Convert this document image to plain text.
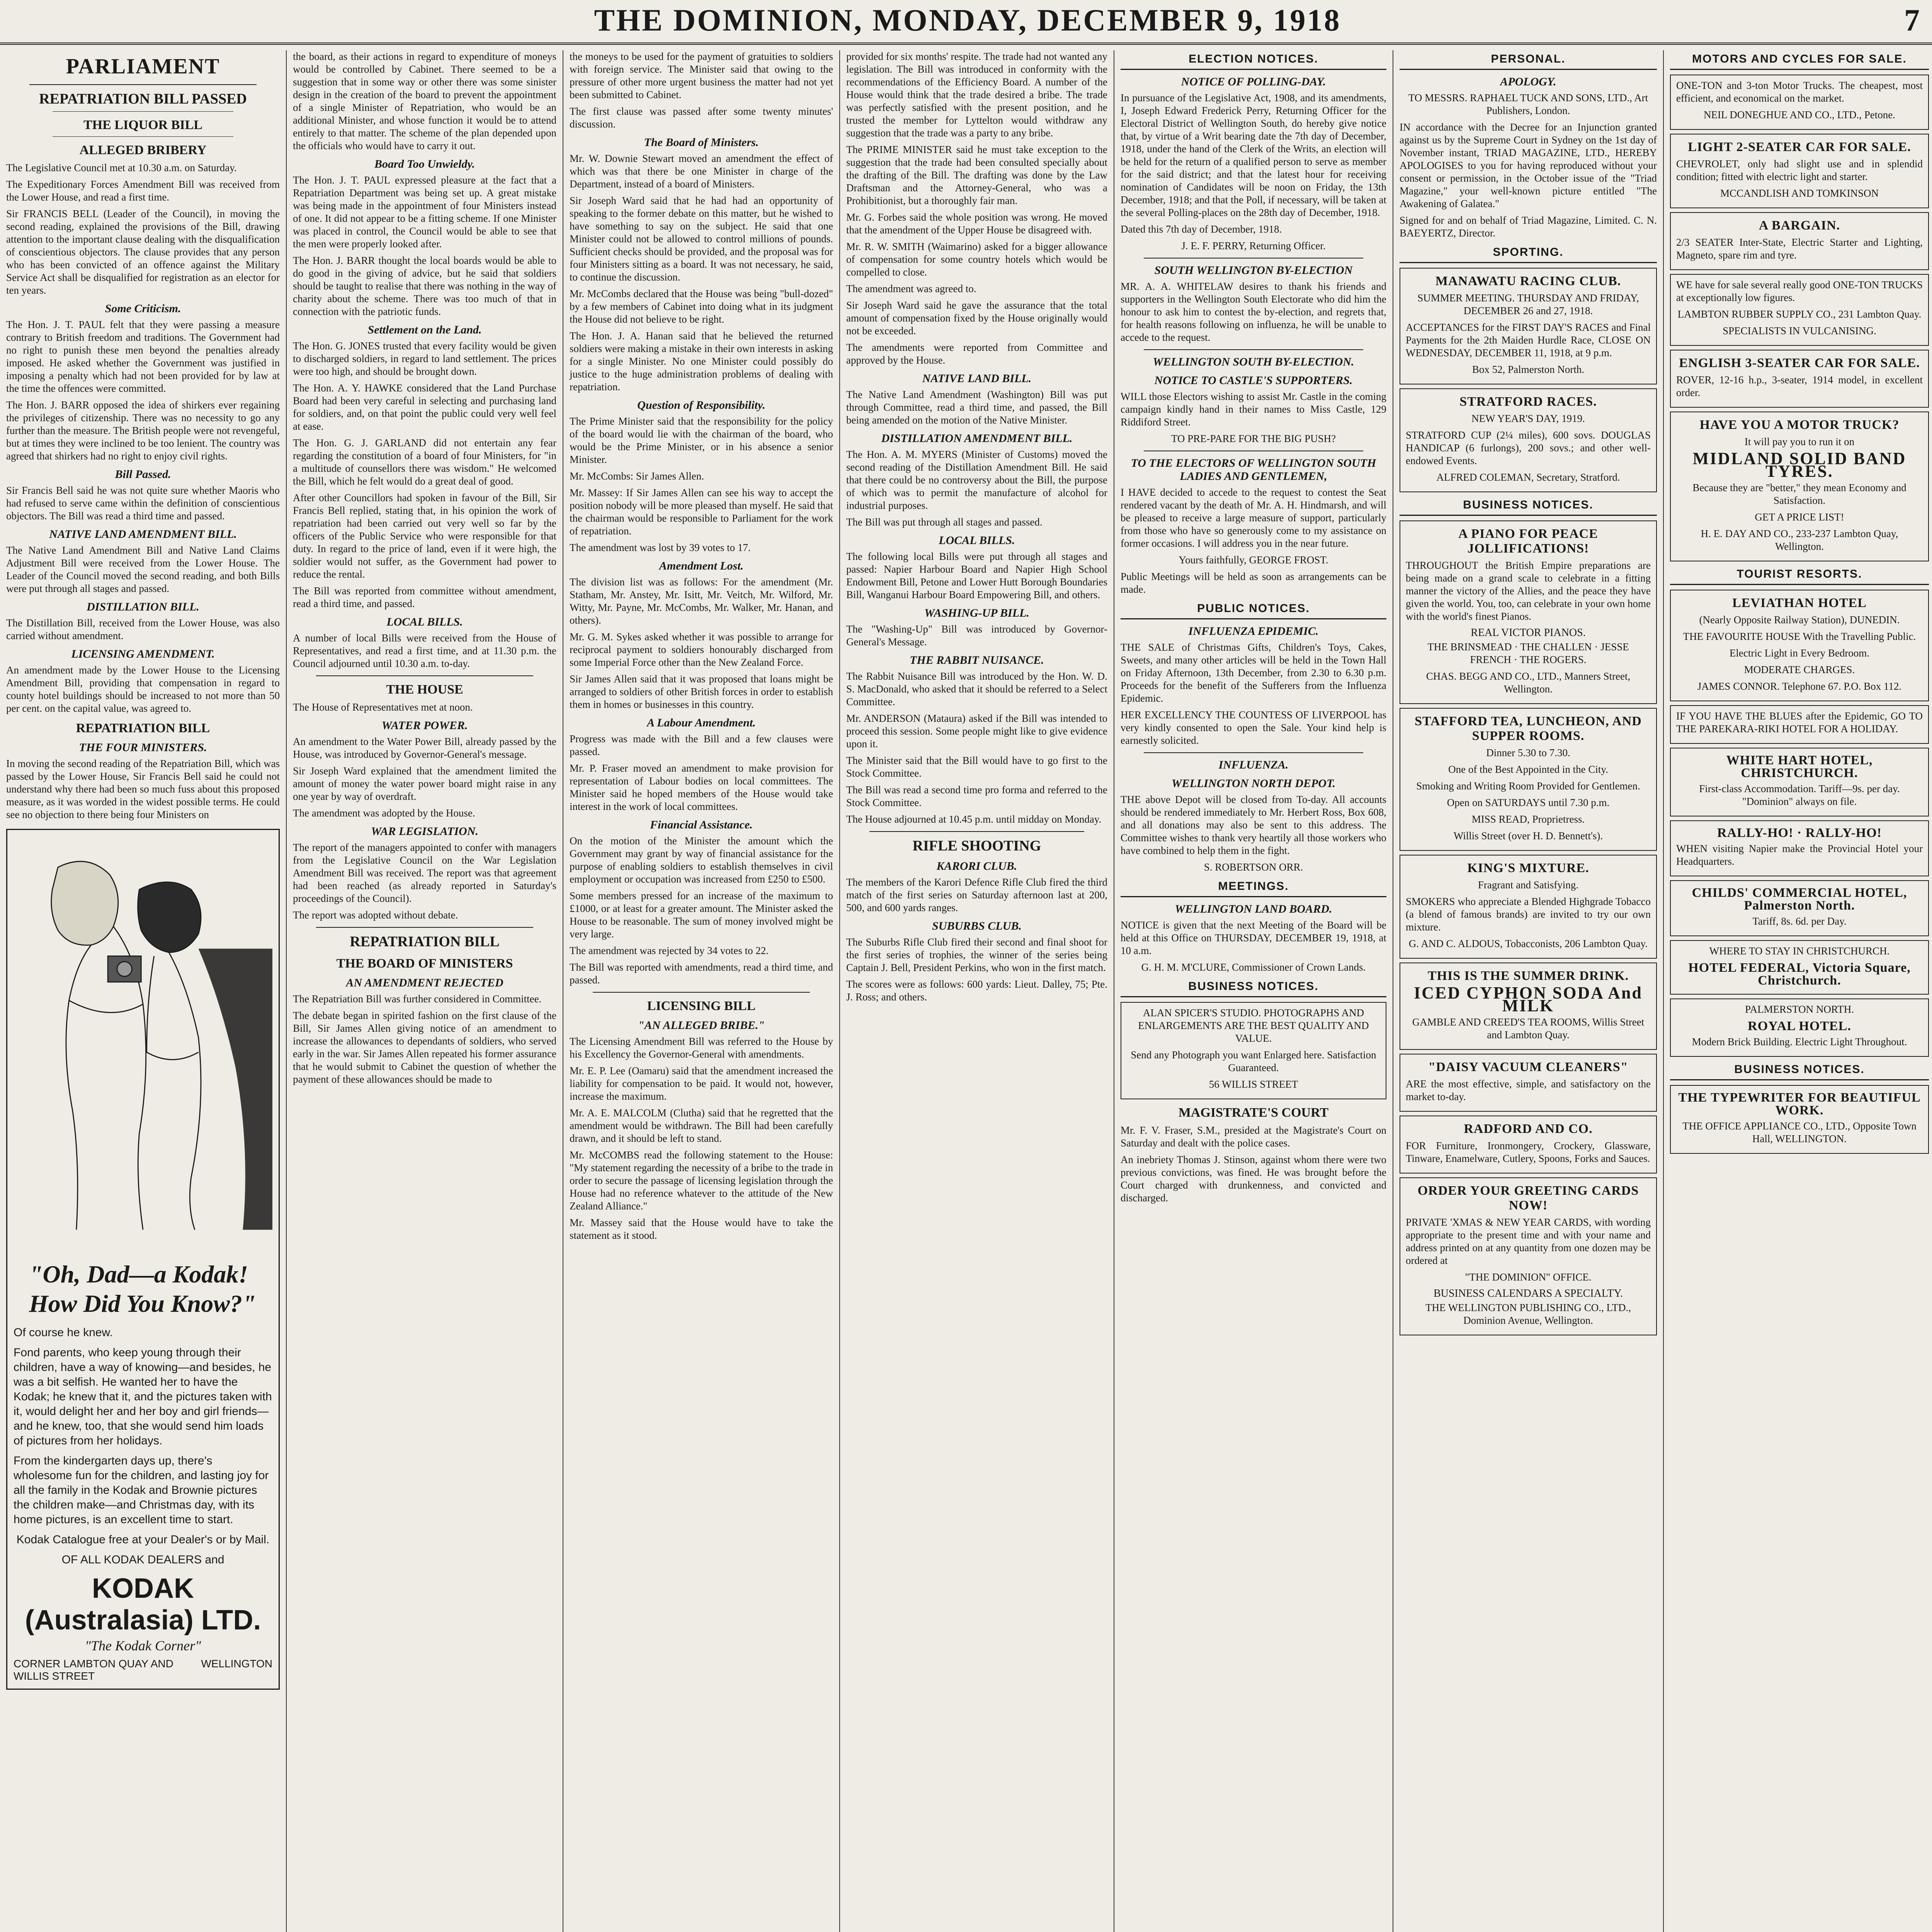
THE DOMINION, MONDAY, DECEMBER 9, 1918	7
PARLIAMENT
REPATRIATION BILL PASSED
THE LIQUOR BILL
ALLEGED BRIBERY

The Legislative Council met at 10.30 a.m. on Saturday.

The Expeditionary Forces Amendment Bill was received from the Lower House, and read a first time.

Sir FRANCIS BELL (Leader of the Council), in moving the second reading, explained the provisions of the Bill, drawing attention to the important clause dealing with the disqualification of conscientious objectors. The clause provides that any person who has been convicted of an offence against the Military Service Act shall be disqualified for registration as an elector for ten years.

Some Criticism.

The Hon. J. T. PAUL felt that they were passing a measure contrary to British freedom and traditions. The Government had no right to punish these men beyond the penalties already imposed. He asked whether the Government was justified in imposing a penalty which had not been provided for by law at the time the offences were committed.

The Hon. J. BARR opposed the idea of shirkers ever regaining the privileges of citizenship. There was no necessity to go any further than the measure. The British people were not revengeful, but at times they were inclined to be too lenient. The country was agreed that shirkers had no right to enjoy civil rights.

Bill Passed.

Sir Francis Bell said he was not quite sure whether Maoris who had refused to serve came within the definition of conscientious objectors. The Bill was read a third time and passed.

NATIVE LAND AMENDMENT BILL.

The Native Land Amendment Bill and Native Land Claims Adjustment Bill were received from the Lower House. The Leader of the Council moved the second reading, and both Bills were put through all stages and passed.

DISTILLATION BILL.

The Distillation Bill, received from the Lower House, was also carried without amendment.

LICENSING AMENDMENT.

An amendment made by the Lower House to the Licensing Amendment Bill, providing that compensation in regard to county hotel buildings should be increased to not more than 50 per cent. on the capital value, was agreed to.

REPATRIATION BILL
THE FOUR MINISTERS.

In moving the second reading of the Repatriation Bill, which was passed by the Lower House, Sir Francis Bell said he could not understand why there had been so much fuss about this proposed measure, as it was worded in the widest possible terms. He could see no objection to there being four Ministers on

"Oh, Dad—a Kodak! How Did You Know?"
Of course he knew.
Fond parents, who keep young through their children, have a way of knowing—and besides, he was a bit selfish. He wanted her to have the Kodak; he knew that it, and the pictures taken with it, would delight her and her boy and girl friends—and he knew, too, that she would send him loads of pictures from her holidays.
From the kindergarten days up, there's wholesome fun for the children, and lasting joy for all the family in the Kodak and Brownie pictures the children make—and Christmas day, with its home pictures, is an excellent time to start.
Kodak Catalogue free at your Dealer's or by Mail.
OF ALL KODAK DEALERS and
KODAK (Australasia) LTD.
"The Kodak Corner"
CORNER LAMBTON QUAY AND WILLIS STREET
WELLINGTON

the board, as their actions in regard to expenditure of moneys would be controlled by Cabinet. There seemed to be a suggestion that in some way or other there was some sinister design in the creation of the board to prevent the appointment of a single Minister of Repatriation, who would be an additional Minister, and whose function it would be to attend entirely to that matter. The scheme of the plan depended upon the officials who would have to carry it out.

Board Too Unwieldy.

The Hon. J. T. PAUL expressed pleasure at the fact that a Repatriation Department was being set up. A great mistake was being made in the appointment of four Ministers instead of one. It did not appear to be a fitting scheme. If one Minister was placed in control, the Council would be able to see that the men were properly looked after.

The Hon. J. BARR thought the local boards would be able to do good in the giving of advice, but he said that soldiers should be taught to realise that there was nothing in the way of charity about the scheme. There was too much of that in connection with the patriotic funds.

Settlement on the Land.

The Hon. G. JONES trusted that every facility would be given to discharged soldiers, in regard to land settlement. The prices were too high, and should be brought down.

The Hon. A. Y. HAWKE considered that the Land Purchase Board had been very careful in selecting and purchasing land for soldiers, and, on that point the public could very well feel at ease.

The Hon. G. J. GARLAND did not entertain any fear regarding the constitution of a board of four Ministers, for "in a multitude of counsellors there was wisdom." He welcomed the Bill, which he felt would do a great deal of good.

After other Councillors had spoken in favour of the Bill, Sir Francis Bell replied, stating that, in his opinion the work of repatriation had been carried out very well so far by the officers of the Public Service who were responsible for that duty. In regard to the price of land, even if it were high, the soldier would not suffer, as the Government had power to reduce the rental.

The Bill was reported from committee without amendment, read a third time, and passed.

LOCAL BILLS.

A number of local Bills were received from the House of Representatives, and read a first time, and at 11.30 p.m. the Council adjourned until 10.30 a.m. to-day.

THE HOUSE

The House of Representatives met at noon.

WATER POWER.

An amendment to the Water Power Bill, already passed by the House, was introduced by Governor-General's message.

Sir Joseph Ward explained that the amendment limited the amount of money the water power board might raise in any one year by way of overdraft.

The amendment was adopted by the House.

WAR LEGISLATION.

The report of the managers appointed to confer with managers from the Legislative Council on the War Legislation Amendment Bill was received. The report was that agreement had been reached (as already reported in Saturday's proceedings of the Council).

The report was adopted without debate.

REPATRIATION BILL
THE BOARD OF MINISTERS
AN AMENDMENT REJECTED

The Repatriation Bill was further considered in Committee.

The debate began in spirited fashion on the first clause of the Bill, Sir James Allen giving notice of an amendment to increase the allowances to dependants of soldiers, who served early in the war. Sir James Allen repeated his former assurance that he would submit to Cabinet the question of whether the payment of these allowances should be made to

the moneys to be used for the payment of gratuities to soldiers with foreign service. The Minister said that owing to the pressure of other more urgent business the matter had not yet been submitted to Cabinet.

The first clause was passed after some twenty minutes' discussion.

The Board of Ministers.

Mr. W. Downie Stewart moved an amendment the effect of which was that there be one Minister in charge of the Department, instead of a board of Ministers.

Sir Joseph Ward said that he had had an opportunity of speaking to the former debate on this matter, but he wished to have something to say on the subject. He said that one Minister could not be allowed to control millions of pounds. Sufficient checks should be provided, and the proposal was for four Ministers sitting as a board. It was not necessary, he said, to continue the discussion.

Mr. McCombs declared that the House was being "bull-dozed" by a few members of Cabinet into doing what in its judgment the House did not believe to be right.

The Hon. J. A. Hanan said that he believed the returned soldiers were making a mistake in their own interests in asking for a single Minister. No one Minister could possibly do justice to the huge administration problems of dealing with repatriation.

Question of Responsibility.

The Prime Minister said that the responsibility for the policy of the board would lie with the chairman of the board, who would be the Prime Minister, or in his absence a senior Minister.

Mr. McCombs: Sir James Allen.

Mr. Massey: If Sir James Allen can see his way to accept the position nobody will be more pleased than myself. He said that the chairman would be responsible to Parliament for the work of repatriation.

The amendment was lost by 39 votes to 17.

Amendment Lost.

The division list was as follows: For the amendment (Mr. Statham, Mr. Anstey, Mr. Isitt, Mr. Veitch, Mr. Wilford, Mr. Witty, Mr. Payne, Mr. McCombs, Mr. Walker, Mr. Hanan, and others).

Mr. G. M. Sykes asked whether it was possible to arrange for reciprocal payment to soldiers honourably discharged from some Imperial Force other than the New Zealand Force.

Sir James Allen said that it was proposed that loans might be arranged to soldiers of other British forces in order to establish them in homes or businesses in this country.

A Labour Amendment.

Progress was made with the Bill and a few clauses were passed.

Mr. P. Fraser moved an amendment to make provision for representation of Labour bodies on local committees. The Minister said he hoped members of the House would take interest in the work of local committees.

Financial Assistance.

On the motion of the Minister the amount which the Government may grant by way of financial assistance for the purpose of enabling soldiers to establish themselves in civil employment or occupation was increased from £250 to £500.

Some members pressed for an increase of the maximum to £1000, or at least for a greater amount. The Minister asked the House to be reasonable. The sum of money involved might be very large.

The amendment was rejected by 34 votes to 22.

The Bill was reported with amendments, read a third time, and passed.

LICENSING BILL
"AN ALLEGED BRIBE."

The Licensing Amendment Bill was referred to the House by his Excellency the Governor-General with amendments.

Mr. E. P. Lee (Oamaru) said that the amendment increased the liability for compensation to be paid. It would not, however, increase the maximum.

Mr. A. E. MALCOLM (Clutha) said that he regretted that the amendment would be withdrawn. The Bill had been carefully drawn, and it should be left to stand.

Mr. McCOMBS read the following statement to the House: "My statement regarding the necessity of a bribe to the trade in order to secure the passage of licensing legislation through the House had no reference whatever to the attitude of the New Zealand Alliance."

Mr. Massey said that the House would have to take the statement as it stood.

provided for six months' respite. The trade had not wanted any legislation. The Bill was introduced in conformity with the recommendations of the Efficiency Board. A number of the House would think that the trade desired a bribe. The trade was perfectly satisfied with the present position, and he trusted the member for Lyttelton would withdraw any suggestion that the trade was a party to any bribe.

The PRIME MINISTER said he must take exception to the suggestion that the trade had been consulted specially about the drafting of the Bill. The drafting was done by the Law Draftsman and the Attorney-General, who was a Prohibitionist, but a thoroughly fair man.

Mr. G. Forbes said the whole position was wrong. He moved that the amendment of the Upper House be disagreed with.

Mr. R. W. SMITH (Waimarino) asked for a bigger allowance of compensation for some country hotels which would be compelled to close.

The amendment was agreed to.

Sir Joseph Ward said he gave the assurance that the total amount of compensation fixed by the House originally would not be exceeded.

The amendments were reported from Committee and approved by the House.

NATIVE LAND BILL.

The Native Land Amendment (Washington) Bill was put through Committee, read a third time, and passed, the Bill being amended on the motion of the Native Minister.

DISTILLATION AMENDMENT BILL.

The Hon. A. M. MYERS (Minister of Customs) moved the second reading of the Distillation Amendment Bill. He said that there could be no controversy about the Bill, the purpose of which was to permit the manufacture of alcohol for industrial purposes.

The Bill was put through all stages and passed.

LOCAL BILLS.

The following local Bills were put through all stages and passed: Napier Harbour Board and Napier High School Endowment Bill, Petone and Lower Hutt Borough Boundaries Bill, Wanganui Harbour Board Empowering Bill, and others.

WASHING-UP BILL.

The "Washing-Up" Bill was introduced by Governor-General's Message.

THE RABBIT NUISANCE.

The Rabbit Nuisance Bill was introduced by the Hon. W. D. S. MacDonald, who asked that it should be referred to a Select Committee.

Mr. ANDERSON (Mataura) asked if the Bill was intended to proceed this session. Some people might like to give evidence upon it.

The Minister said that the Bill would have to go first to the Stock Committee.

The Bill was read a second time pro forma and referred to the Stock Committee.

The House adjourned at 10.45 p.m. until midday on Monday.

RIFLE SHOOTING
KARORI CLUB.

The members of the Karori Defence Rifle Club fired the third match of the first series on Saturday afternoon last at 200, 500, and 600 yards ranges.

SUBURBS CLUB.

The Suburbs Rifle Club fired their second and final shoot for the first series of trophies, the winner of the series being Captain J. Bell, President Perkins, who won in the first match.

The scores were as follows: 600 yards: Lieut. Dalley, 75; Pte. J. Ross; and others.

ELECTION NOTICES.
NOTICE OF POLLING-DAY.

In pursuance of the Legislative Act, 1908, and its amendments, I, Joseph Edward Frederick Perry, Returning Officer for the Electoral District of Wellington South, do hereby give notice that, by virtue of a Writ bearing date the 7th day of December, 1918, under the hand of the Clerk of the Writs, an election will be held for the return of a qualified person to serve as member for the said district; and that the latest hour for receiving nomination of Candidates will be noon on Friday, the 13th December, 1918; and that the Poll, if necessary, will be taken at the several Polling-places on the 28th day of December, 1918.

Dated this 7th day of December, 1918.

J. E. F. PERRY, Returning Officer.

SOUTH WELLINGTON BY-ELECTION

MR. A. A. WHITELAW desires to thank his friends and supporters in the Wellington South Electorate who did him the honour to ask him to contest the by-election, and regrets that, for health reasons following on influenza, he will be unable to accede to the request.

WELLINGTON SOUTH BY-ELECTION.
NOTICE TO CASTLE'S SUPPORTERS.

WILL those Electors wishing to assist Mr. Castle in the coming campaign kindly hand in their names to Miss Castle, 129 Riddiford Street.

TO PRE-PARE FOR THE BIG PUSH?

TO THE ELECTORS OF WELLINGTON SOUTH LADIES AND GENTLEMEN,

I HAVE decided to accede to the request to contest the Seat rendered vacant by the death of Mr. A. H. Hindmarsh, and will be pleased to receive a large measure of support, particularly from those who have so generously come to my assistance on former occasions. I will address you in the near future.

Yours faithfully, GEORGE FROST.

Public Meetings will be held as soon as arrangements can be made.

PUBLIC NOTICES.
INFLUENZA EPIDEMIC.

THE SALE of Christmas Gifts, Children's Toys, Cakes, Sweets, and many other articles will be held in the Town Hall on Friday Afternoon, 13th December, from 2.30 to 6.30 p.m. Proceeds for the benefit of the Sufferers from the Influenza Epidemic.

HER EXCELLENCY THE COUNTESS OF LIVERPOOL has very kindly consented to open the Sale. Your kind help is earnestly solicited.

INFLUENZA.
WELLINGTON NORTH DEPOT.

THE above Depot will be closed from To-day. All accounts should be rendered immediately to Mr. Herbert Ross, Box 608, and all donations may also be sent to this address. The Committee wishes to thank very heartily all those workers who have combined to help them in the fight.

S. ROBERTSON ORR.

MEETINGS.
WELLINGTON LAND BOARD.

NOTICE is given that the next Meeting of the Board will be held at this Office on THURSDAY, DECEMBER 19, 1918, at 10 a.m.

G. H. M. M'CLURE, Commissioner of Crown Lands.

BUSINESS NOTICES.

ALAN SPICER'S STUDIO. PHOTOGRAPHS AND ENLARGEMENTS ARE THE BEST QUALITY AND VALUE.

Send any Photograph you want Enlarged here. Satisfaction Guaranteed.

56 WILLIS STREET

MAGISTRATE'S COURT

Mr. F. V. Fraser, S.M., presided at the Magistrate's Court on Saturday and dealt with the police cases.

An inebriety Thomas J. Stinson, against whom there were two previous convictions, was fined. He was brought before the Court charged with drunkenness, and convicted and discharged.

PERSONAL.
APOLOGY.

TO MESSRS. RAPHAEL TUCK AND SONS, LTD., Art Publishers, London.

IN accordance with the Decree for an Injunction granted against us by the Supreme Court in Sydney on the 1st day of November instant, TRIAD MAGAZINE, LTD., HEREBY APOLOGISES to you for having reproduced without your consent or permission, in the October issue of the "Triad Magazine," your well-known picture entitled "The Awakening of Galatea."

Signed for and on behalf of Triad Magazine, Limited. C. N. BAEYERTZ, Director.

SPORTING.
MANAWATU RACING CLUB.

SUMMER MEETING. THURSDAY AND FRIDAY, DECEMBER 26 and 27, 1918.

ACCEPTANCES for the FIRST DAY'S RACES and Final Payments for the 2th Maiden Hurdle Race, CLOSE ON WEDNESDAY, DECEMBER 11, 1918, at 9 p.m.

Box 52, Palmerston North.

STRATFORD RACES.

NEW YEAR'S DAY, 1919.

STRATFORD CUP (2¼ miles), 600 sovs. DOUGLAS HANDICAP (6 furlongs), 200 sovs.; and other well-endowed Events.

ALFRED COLEMAN, Secretary, Stratford.

BUSINESS NOTICES.
A PIANO FOR PEACE JOLLIFICATIONS!

THROUGHOUT the British Empire preparations are being made on a grand scale to celebrate in a fitting manner the victory of the Allies, and the peace they have given the world. You, too, can celebrate in your own home with the world's finest Pianos.

REAL VICTOR PIANOS.

THE BRINSMEAD · THE CHALLEN · JESSE FRENCH · THE ROGERS.

CHAS. BEGG AND CO., LTD., Manners Street, Wellington.

STAFFORD TEA, LUNCHEON, AND SUPPER ROOMS.

Dinner 5.30 to 7.30.

One of the Best Appointed in the City.

Smoking and Writing Room Provided for Gentlemen.

Open on SATURDAYS until 7.30 p.m.

MISS READ, Proprietress.

Willis Street (over H. D. Bennett's).

KING'S MIXTURE.

Fragrant and Satisfying.

SMOKERS who appreciate a Blended Highgrade Tobacco (a blend of famous brands) are invited to try our own mixture.

G. AND C. ALDOUS, Tobacconists, 206 Lambton Quay.

THIS IS THE SUMMER DRINK.

ICED CYPHON SODA And MILK

GAMBLE AND CREED'S TEA ROOMS, Willis Street and Lambton Quay.

"DAISY VACUUM CLEANERS"

ARE the most effective, simple, and satisfactory on the market to-day.

RADFORD AND CO.

FOR Furniture, Ironmongery, Crockery, Glassware, Tinware, Enamelware, Cutlery, Spoons, Forks and Sauces.

ORDER YOUR GREETING CARDS NOW!

PRIVATE 'XMAS & NEW YEAR CARDS, with wording appropriate to the present time and with your name and address printed on at any quantity from one dozen may be ordered at

"THE DOMINION" OFFICE.

BUSINESS CALENDARS A SPECIALTY.

THE WELLINGTON PUBLISHING CO., LTD., Dominion Avenue, Wellington.

MOTORS AND CYCLES FOR SALE.

ONE-TON and 3-ton Motor Trucks. The cheapest, most efficient, and economical on the market.

NEIL DONEGHUE AND CO., LTD., Petone.

LIGHT 2-SEATER CAR FOR SALE.

CHEVROLET, only had slight use and in splendid condition; fitted with electric light and starter.

MCCANDLISH AND TOMKINSON

A BARGAIN.

2/3 SEATER Inter-State, Electric Starter and Lighting, Magneto, spare rim and tyre.

WE have for sale several really good ONE-TON TRUCKS at exceptionally low figures.

LAMBTON RUBBER SUPPLY CO., 231 Lambton Quay.

SPECIALISTS IN VULCANISING.

ENGLISH 3-SEATER CAR FOR SALE.

ROVER, 12-16 h.p., 3-seater, 1914 model, in excellent order.

HAVE YOU A MOTOR TRUCK?

It will pay you to run it on

MIDLAND SOLID BAND TYRES.

Because they are "better," they mean Economy and Satisfaction.

GET A PRICE LIST!

H. E. DAY AND CO., 233-237 Lambton Quay, Wellington.

TOURIST RESORTS.
LEVIATHAN HOTEL

(Nearly Opposite Railway Station), DUNEDIN.

THE FAVOURITE HOUSE With the Travelling Public.

Electric Light in Every Bedroom.

MODERATE CHARGES.

JAMES CONNOR. Telephone 67. P.O. Box 112.

IF YOU HAVE THE BLUES after the Epidemic, GO TO THE PAREKARA-RIKI HOTEL FOR A HOLIDAY.

WHITE HART HOTEL, CHRISTCHURCH.

First-class Accommodation. Tariff—9s. per day. "Dominion" always on file.

RALLY-HO! · RALLY-HO!

WHEN visiting Napier make the Provincial Hotel your Headquarters.

CHILDS' COMMERCIAL HOTEL, Palmerston North.

Tariff, 8s. 6d. per Day.

WHERE TO STAY IN CHRISTCHURCH.

HOTEL FEDERAL, Victoria Square, Christchurch.

PALMERSTON NORTH.

ROYAL HOTEL.

Modern Brick Building. Electric Light Throughout.

BUSINESS NOTICES.

THE TYPEWRITER FOR BEAUTIFUL WORK.

THE OFFICE APPLIANCE CO., LTD., Opposite Town Hall, WELLINGTON.
